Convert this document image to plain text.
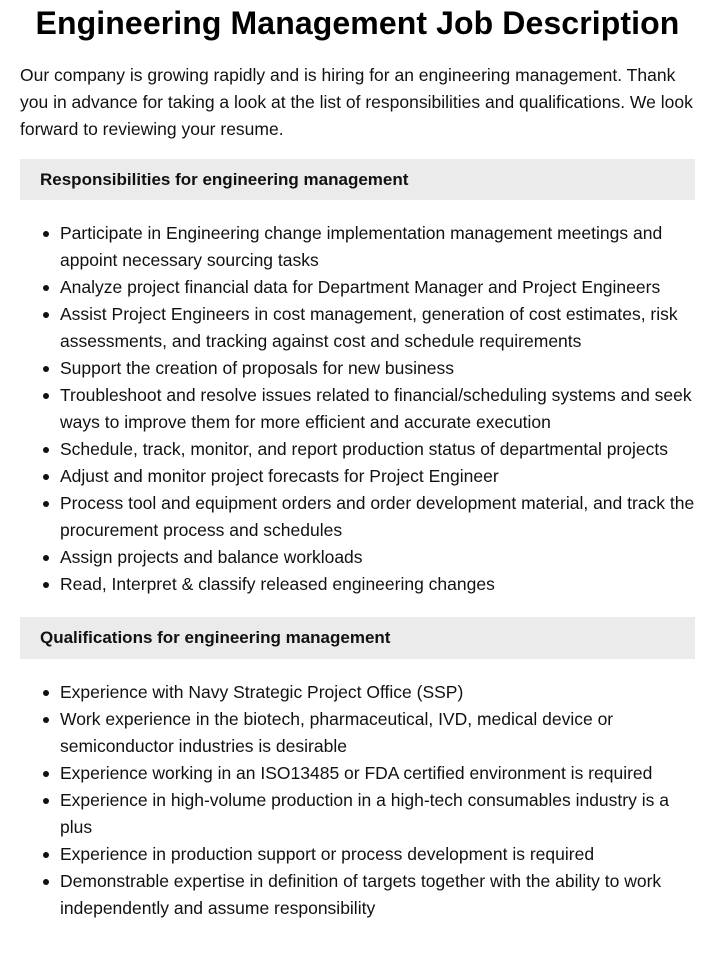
Engineering Management Job Description

Our company is growing rapidly and is hiring for an engineering management. Thank you in advance for taking a look at the list of responsibilities and qualifications. We look forward to reviewing your resume.

Responsibilities for engineering management
Participate in Engineering change implementation management meetings and appoint necessary sourcing tasks
Analyze project financial data for Department Manager and Project Engineers
Assist Project Engineers in cost management, generation of cost estimates, risk assessments, and tracking against cost and schedule requirements
Support the creation of proposals for new business
Troubleshoot and resolve issues related to financial/scheduling systems and seek ways to improve them for more efficient and accurate execution
Schedule, track, monitor, and report production status of departmental projects
Adjust and monitor project forecasts for Project Engineer
Process tool and equipment orders and order development material, and track the procurement process and schedules
Assign projects and balance workloads
Read, Interpret & classify released engineering changes
Qualifications for engineering management
Experience with Navy Strategic Project Office (SSP)
Work experience in the biotech, pharmaceutical, IVD, medical device or semiconductor industries is desirable
Experience working in an ISO13485 or FDA certified environment is required
Experience in high-volume production in a high-tech consumables industry is a plus
Experience in production support or process development is required
Demonstrable expertise in definition of targets together with the ability to work independently and assume responsibility
